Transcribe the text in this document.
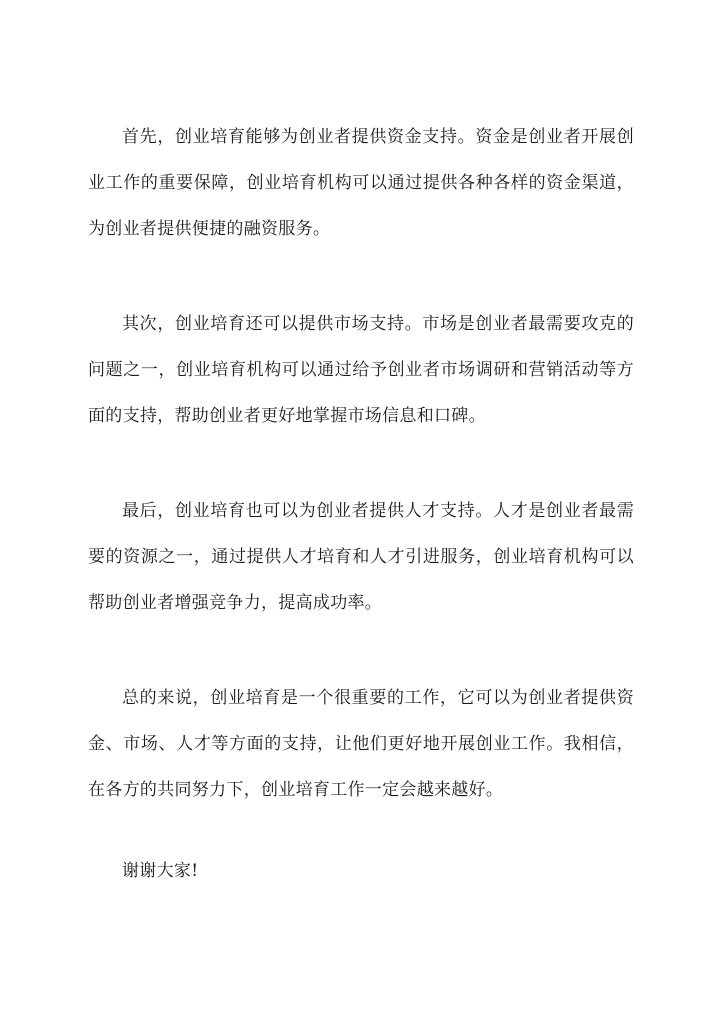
首先，创业培育能够为创业者提供资金支持。资金是创业者开展创业工作的重要保障，创业培育机构可以通过提供各种各样的资金渠道，为创业者提供便捷的融资服务。

其次，创业培育还可以提供市场支持。市场是创业者最需要攻克的问题之一，创业培育机构可以通过给予创业者市场调研和营销活动等方面的支持，帮助创业者更好地掌握市场信息和口碑。

最后，创业培育也可以为创业者提供人才支持。人才是创业者最需要的资源之一，通过提供人才培育和人才引进服务，创业培育机构可以帮助创业者增强竞争力，提高成功率。

总的来说，创业培育是一个很重要的工作，它可以为创业者提供资金、市场、人才等方面的支持，让他们更好地开展创业工作。我相信，在各方的共同努力下，创业培育工作一定会越来越好。

谢谢大家!
